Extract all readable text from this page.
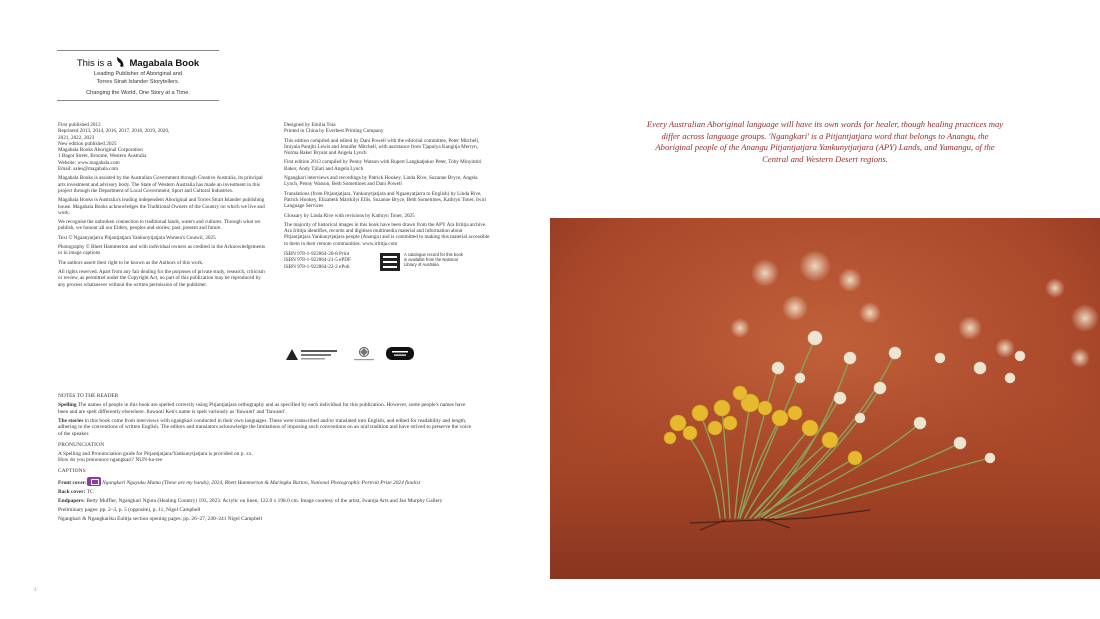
This is a Magabala Book
Leading Publisher of Aboriginal and
Torres Strait Islander Storytellers.
Changing the World, One Story at a Time.

First published 2013
Reprinted 2013, 2014, 2016, 2017, 2018, 2019, 2020,
2021, 2022, 2023
New edition published 2025
Magabala Books Aboriginal Corporation
1 Bagot Street, Broome, Western Australia
Website: www.magabala.com
Email: sales@magabala.com

Magabala Books is assisted by the Australian Government through Creative Australia, its principal arts investment and advisory body. The State of Western Australia has made an investment in this project through the Department of Local Government, Sport and Cultural Industries.

Magabala Books is Australia's leading independent Aboriginal and Torres Strait Islander publishing house. Magabala Books acknowledges the Traditional Owners of the Country on which we live and work.

We recognise the unbroken connection to traditional lands, waters and cultures. Through what we publish, we honour all our Elders, peoples and stories; past, present and future.

Text © Ngaanyatjarra Pitjantjatjara Yankunytjatjara Women's Council, 2025

Photography © Rhett Hammerton and with individual owners as credited in the Acknowledgements or in image captions

The authors assert their right to be known as the Authors of this work.

All rights reserved. Apart from any fair dealing for the purposes of private study, research, criticism or review, as permitted under the Copyright Act, no part of this publication may be reproduced by any process whatsoever without the written permission of the publisher.

Designed by Emilia Toia
Printed in China by Everbest Printing Company

This edition compiled and edited by Dani Powell with the editorial committee, Peter Mitchell, Imiyala Pantjiti Lewis and Jennifer Mitchell, with assistance from Tjapulya Kangitja Merryn, Norma Baker Bryant and Angela Lynch

First edition 2013 compiled by Penny Watson with Rupert Langkatjukur Peter, Toby Minyintiri Baker, Andy Tjilari and Angela Lynch

Ngangkari interviews and recordings by Patrick Hookey, Linda Rive, Suzanne Bryce, Angela Lynch, Penny Watson, Beth Sometimes and Dani Powell

Translations (from Pitjantjatjara, Yankunytjatjara and Ngaanyatjarra to English) by Linda Rive, Patrick Hookey, Elizabeth Marrkilyi Ellis, Suzanne Bryce, Beth Sometimes, Kathryn Toner, Iwiri Language Services

Glossary by Linda Rive with revisions by Kathryn Toner, 2025

The majority of historical images in this book have been drawn from the APY Ara Irititja archive. Ara Irititja identifies, records and digitises multimedia material and information about Pitjantjatjara Yankunytjatjara people (Anangu) and is committed to making this material accessible to them in their remote communities. www.irititja.com

ISBN 978-1-922864-20-8 Print
ISBN 978-1-922864-21-5 ePDF
ISBN 978-1-922864-22-2 ePub
A catalogue record for this book is available from the National Library of Australia

NOTES TO THE READER

Spelling The names of people in this book are spelled correctly using Pitjantjatjara orthography and as specified by each individual for this publication. However, some people's names have been and are spelt differently elsewhere. Ilawanti Ken's name is spelt variously as 'Ilawanti' and 'Ilawanti'.

The stories in this book come from interviews with ngangkari conducted in their own languages. These were transcribed and/or translated into English, and edited for readability and length, adhering to the conventions of written English. The editors and translators acknowledge the limitations of imposing such conventions on an oral tradition and have strived to preserve the voice of the speaker.

PRONUNCIATION

A Spelling and Pronunciation guide for Pitjantjatjara/Yankunytjatjara is provided on p. xx.
How do you pronounce ngangkari? NUN-ka-ree

CAPTIONS

Front cover:	Ngangkari Ngayuku Mama (These are my hands), 2024, Rhett Hammerton & Maringka Burton, National Photographic Portrait Prize 2024 finalist

Back cover: TC

Endpapers: Betty Muffler, Ngangkari Ngura (Healing Country) 193, 2023. Acrylic on linen, 122.0 x 198.0 cm. Image courtesy of the artist, Iwantja Arts and Jan Murphy Gallery

Preliminary pages: pp. 2–3, p. 5 (opposite), p. 11, Nigel Campbell

Ngangkari & Ngangkariku Eulitja section opening pages: pp. 26–27, 240–241 Nigel Campbell

4
Every Australian Aboriginal language will have its own words for healer, though healing practices may differ across language groups. 'Ngangkari' is a Pitjantjatjara word that belongs to Anangu, the Aboriginal people of the Anangu Pitjantjatjara Yankunytjatjara (APY) Lands, and Yamangu, of the Central and Western Desert regions.
